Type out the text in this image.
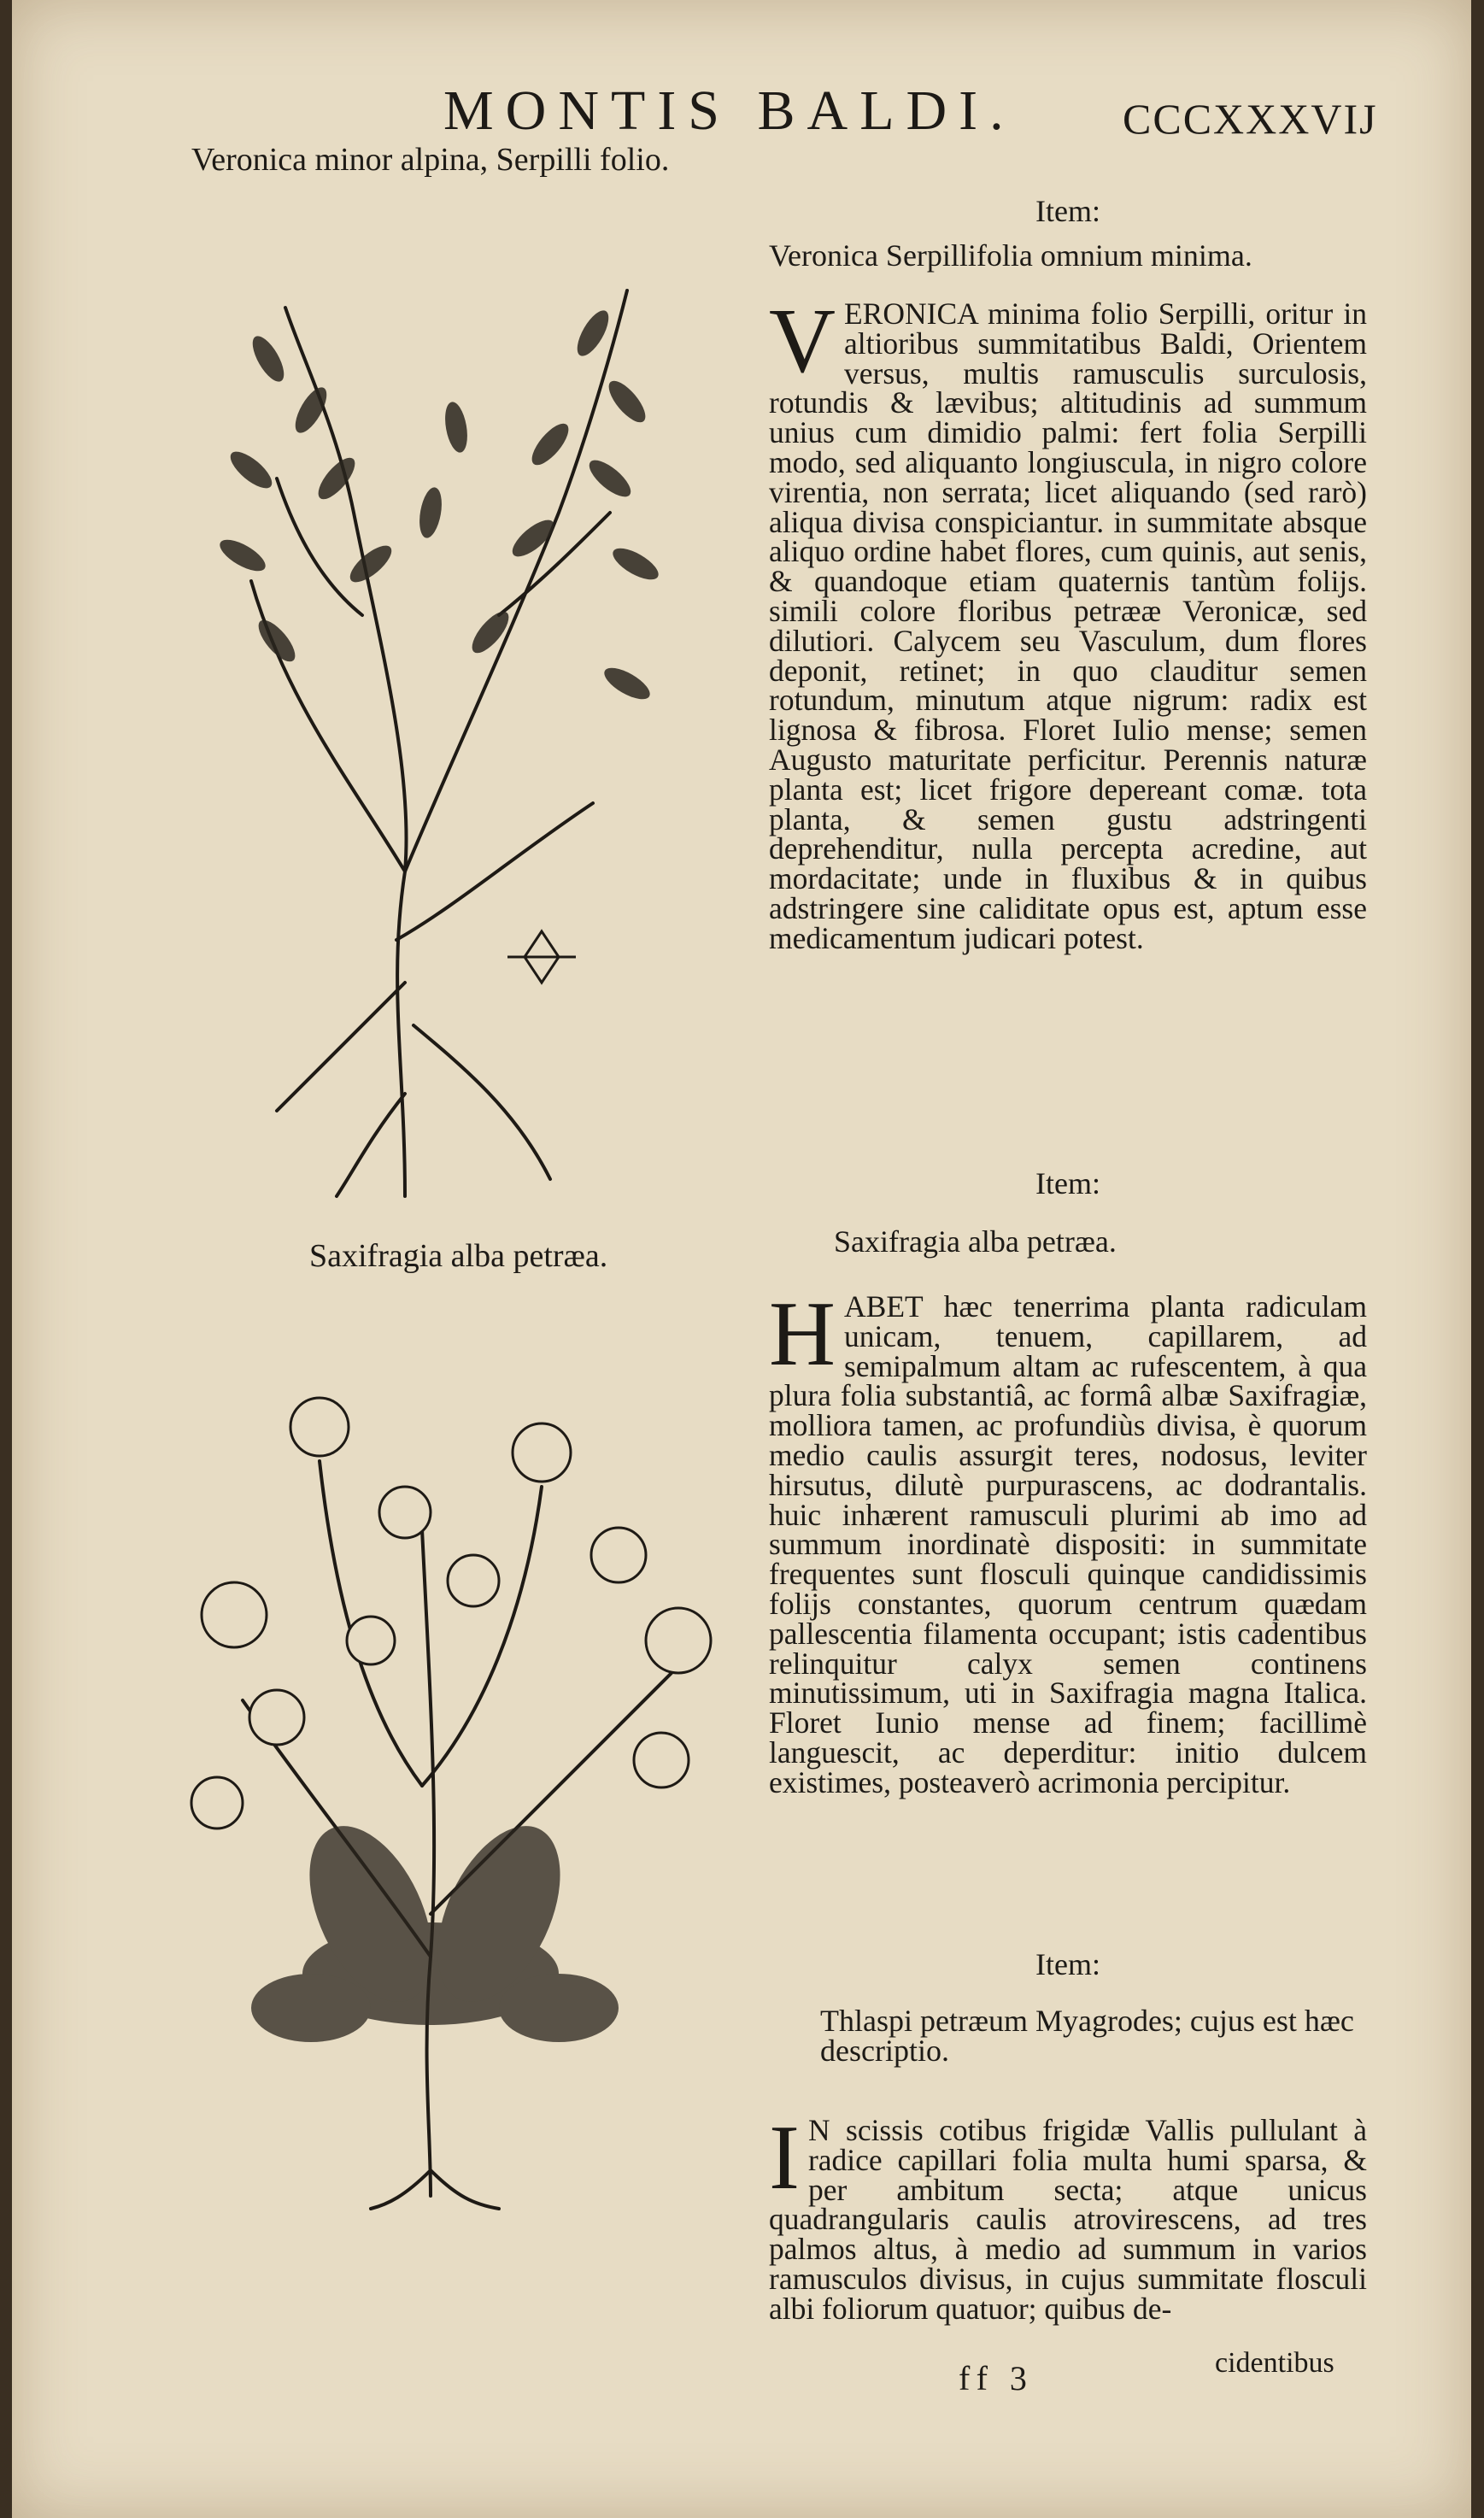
MONTIS BALDI.	CCCXXXVIJ
Veronica minor alpina, Serpilli folio.
Saxifragia alba petræa.
Item:
Veronica Serpillifolia omnium minima.
VERONICA minima folio Serpilli, oritur in altioribus summitatibus Baldi, Orientem versus, multis ramusculis surculosis, rotundis & lævibus; altitudinis ad summum unius cum dimidio palmi: fert folia Serpilli modo, sed aliquanto longiuscula, in nigro colore virentia, non serrata; licet aliquando (sed rarò) aliqua divisa conspiciantur. in summitate absque aliquo ordine habet flores, cum quinis, aut senis, & quandoque etiam quaternis tantùm folijs. simili colore floribus petrææ Veronicæ, sed dilutiori. Calycem seu Vasculum, dum flores deponit, retinet; in quo clauditur semen rotundum, minutum atque nigrum: radix est lignosa & fibrosa. Floret Iulio mense; semen Augusto maturitate perficitur. Perennis naturæ planta est; licet frigore depereant comæ. tota planta, & semen gustu adstringenti deprehenditur, nulla percepta acredine, aut mordacitate; unde in fluxibus & in quibus adstringere sine caliditate opus est, aptum esse medicamentum judicari potest.
Item:
Saxifragia alba petræa.
HABET hæc tenerrima planta radiculam unicam, tenuem, capillarem, ad semipalmum altam ac rufescentem, à qua plura folia substantiâ, ac formâ albæ Saxifragiæ, molliora tamen, ac profundiùs divisa, è quorum medio caulis assurgit teres, nodosus, leviter hirsutus, dilutè purpurascens, ac dodrantalis. huic inhærent ramusculi plurimi ab imo ad summum inordinatè dispositi: in summitate frequentes sunt flosculi quinque candidissimis folijs constantes, quorum centrum quædam pallescentia filamenta occupant; istis cadentibus relinquitur calyx semen continens minutissimum, uti in Saxifragia magna Italica. Floret Iunio mense ad finem; facillimè languescit, ac deperditur: initio dulcem existimes, posteaverò acrimonia percipitur.
Item:
Thlaspi petræum Myagrodes; cujus est hæc descriptio.
I N scissis cotibus frigidæ Vallis pullulant à radice capillari folia multa humi sparsa, & per ambitum secta; atque unicus quadrangularis caulis atrovirescens, ad tres palmos altus, à medio ad summum in varios ramusculos divisus, in cujus summitate flosculi albi foliorum quatuor; quibus de-
ff 3	cidentibus
